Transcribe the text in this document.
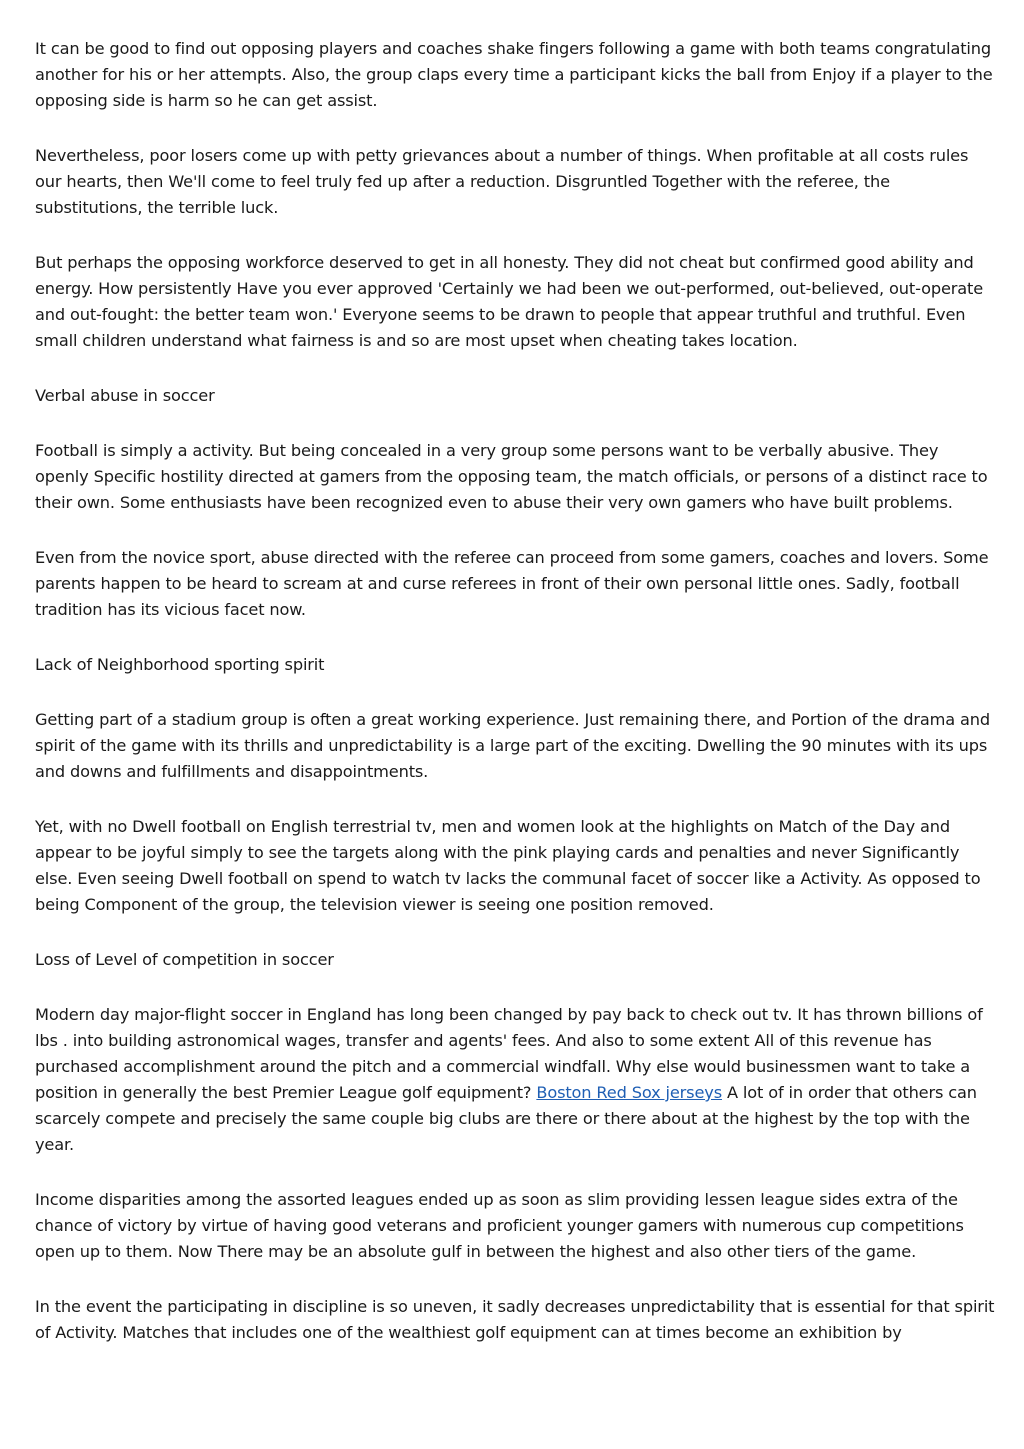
It can be good to find out opposing players and coaches shake fingers following a game with both teams congratulating another for his or her attempts. Also, the group claps every time a participant kicks the ball from Enjoy if a player to the opposing side is harm so he can get assist.

Nevertheless, poor losers come up with petty grievances about a number of things. When profitable at all costs rules our hearts, then We'll come to feel truly fed up after a reduction. Disgruntled Together with the referee, the substitutions, the terrible luck.

But perhaps the opposing workforce deserved to get in all honesty. They did not cheat but confirmed good ability and energy. How persistently Have you ever approved 'Certainly we had been we out-performed, out-believed, out-operate and out-fought: the better team won.' Everyone seems to be drawn to people that appear truthful and truthful. Even small children understand what fairness is and so are most upset when cheating takes location.

Verbal abuse in soccer

Football is simply a activity. But being concealed in a very group some persons want to be verbally abusive. They openly Specific hostility directed at gamers from the opposing team, the match officials, or persons of a distinct race to their own. Some enthusiasts have been recognized even to abuse their very own gamers who have built problems.

Even from the novice sport, abuse directed with the referee can proceed from some gamers, coaches and lovers. Some parents happen to be heard to scream at and curse referees in front of their own personal little ones. Sadly, football tradition has its vicious facet now.

Lack of Neighborhood sporting spirit

Getting part of a stadium group is often a great working experience. Just remaining there, and Portion of the drama and spirit of the game with its thrills and unpredictability is a large part of the exciting. Dwelling the 90 minutes with its ups and downs and fulfillments and disappointments.

Yet, with no Dwell football on English terrestrial tv, men and women look at the highlights on Match of the Day and appear to be joyful simply to see the targets along with the pink playing cards and penalties and never Significantly else. Even seeing Dwell football on spend to watch tv lacks the communal facet of soccer like a Activity. As opposed to being Component of the group, the television viewer is seeing one position removed.

Loss of Level of competition in soccer

Modern day major-flight soccer in England has long been changed by pay back to check out tv. It has thrown billions of lbs . into building astronomical wages, transfer and agents' fees. And also to some extent All of this revenue has purchased accomplishment around the pitch and a commercial windfall. Why else would businessmen want to take a position in generally the best Premier League golf equipment? Boston Red Sox jerseys A lot of in order that others can scarcely compete and precisely the same couple big clubs are there or there about at the highest by the top with the year.

Income disparities among the assorted leagues ended up as soon as slim providing lessen league sides extra of the chance of victory by virtue of having good veterans and proficient younger gamers with numerous cup competitions open up to them. Now There may be an absolute gulf in between the highest and also other tiers of the game.

In the event the participating in discipline is so uneven, it sadly decreases unpredictability that is essential for that spirit of Activity. Matches that includes one of the wealthiest golf equipment can at times become an exhibition by
